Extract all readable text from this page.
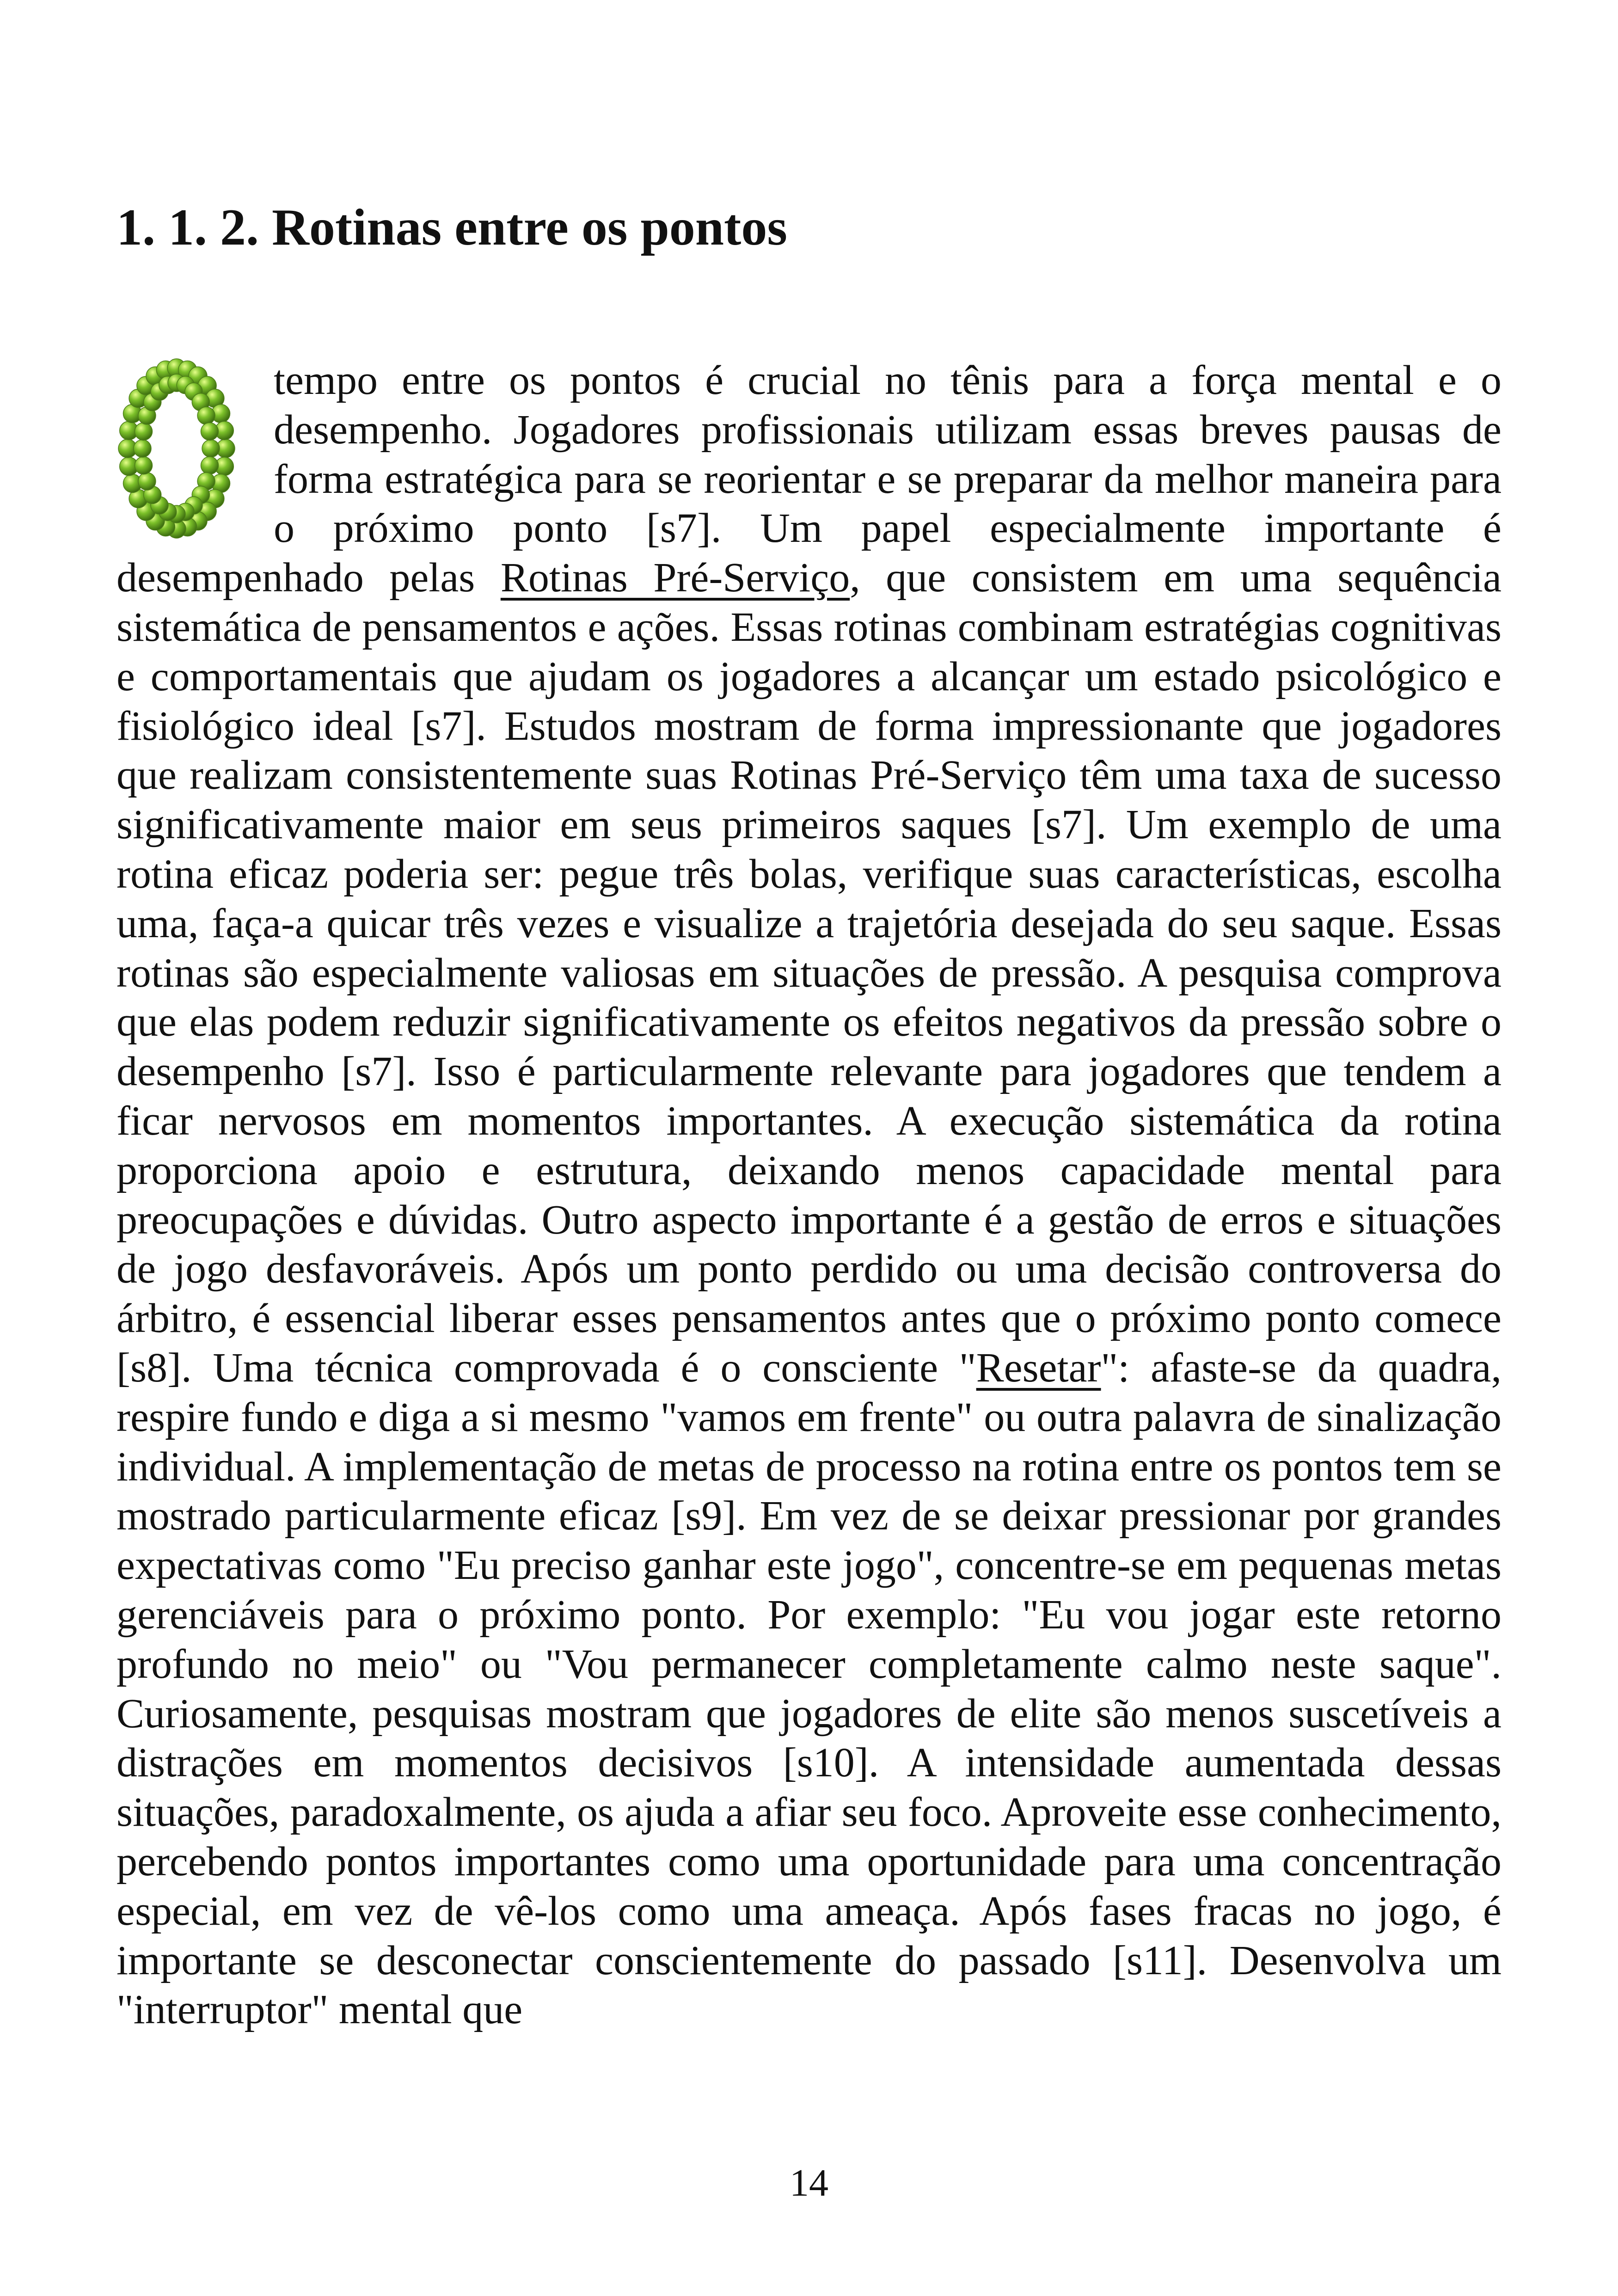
1. 1. 2. Rotinas entre os pontos

tempo entre os pontos é crucial no tênis para a força mental e o desempenho. Jogadores profissionais utilizam essas breves pausas de forma estratégica para se reorientar e se preparar da melhor maneira para o próximo ponto [s7]. Um papel especialmente importante é desempenhado pelas Rotinas Pré-Serviço, que consistem em uma sequência sistemática de pensamentos e ações. Essas rotinas combinam estratégias cognitivas e comportamentais que ajudam os jogadores a alcançar um estado psicológico e fisiológico ideal [s7]. Estudos mostram de forma impressionante que jogadores que realizam consistentemente suas Rotinas Pré-Serviço têm uma taxa de sucesso significativamente maior em seus primeiros saques [s7]. Um exemplo de uma rotina eficaz poderia ser: pegue três bolas, verifique suas características, escolha uma, faça-a quicar três vezes e visualize a trajetória desejada do seu saque. Essas rotinas são especialmente valiosas em situações de pressão. A pesquisa comprova que elas podem reduzir significativamente os efeitos negativos da pressão sobre o desempenho [s7]. Isso é particularmente relevante para jogadores que tendem a ficar nervosos em momentos importantes. A execução sistemática da rotina proporciona apoio e estrutura, deixando menos capacidade mental para preocupações e dúvidas. Outro aspecto importante é a gestão de erros e situações de jogo desfavoráveis. Após um ponto perdido ou uma decisão controversa do árbitro, é essencial liberar esses pensamentos antes que o próximo ponto comece [s8]. Uma técnica comprovada é o consciente "Resetar": afaste-se da quadra, respire fundo e diga a si mesmo "vamos em frente" ou outra palavra de sinalização individual. A implementação de metas de processo na rotina entre os pontos tem se mostrado particularmente eficaz [s9]. Em vez de se deixar pressionar por grandes expectativas como "Eu preciso ganhar este jogo", concentre-se em pequenas metas gerenciáveis para o próximo ponto. Por exemplo: "Eu vou jogar este retorno profundo no meio" ou "Vou permanecer completamente calmo neste saque". Curiosamente, pesquisas mostram que jogadores de elite são menos suscetíveis a distrações em momentos decisivos [s10]. A intensidade aumentada dessas situações, paradoxalmente, os ajuda a afiar seu foco. Aproveite esse conhecimento, percebendo pontos importantes como uma oportunidade para uma concentração especial, em vez de vê-los como uma ameaça. Após fases fracas no jogo, é importante se desconectar conscientemente do passado [s11]. Desenvolva um "interruptor" mental que

14
